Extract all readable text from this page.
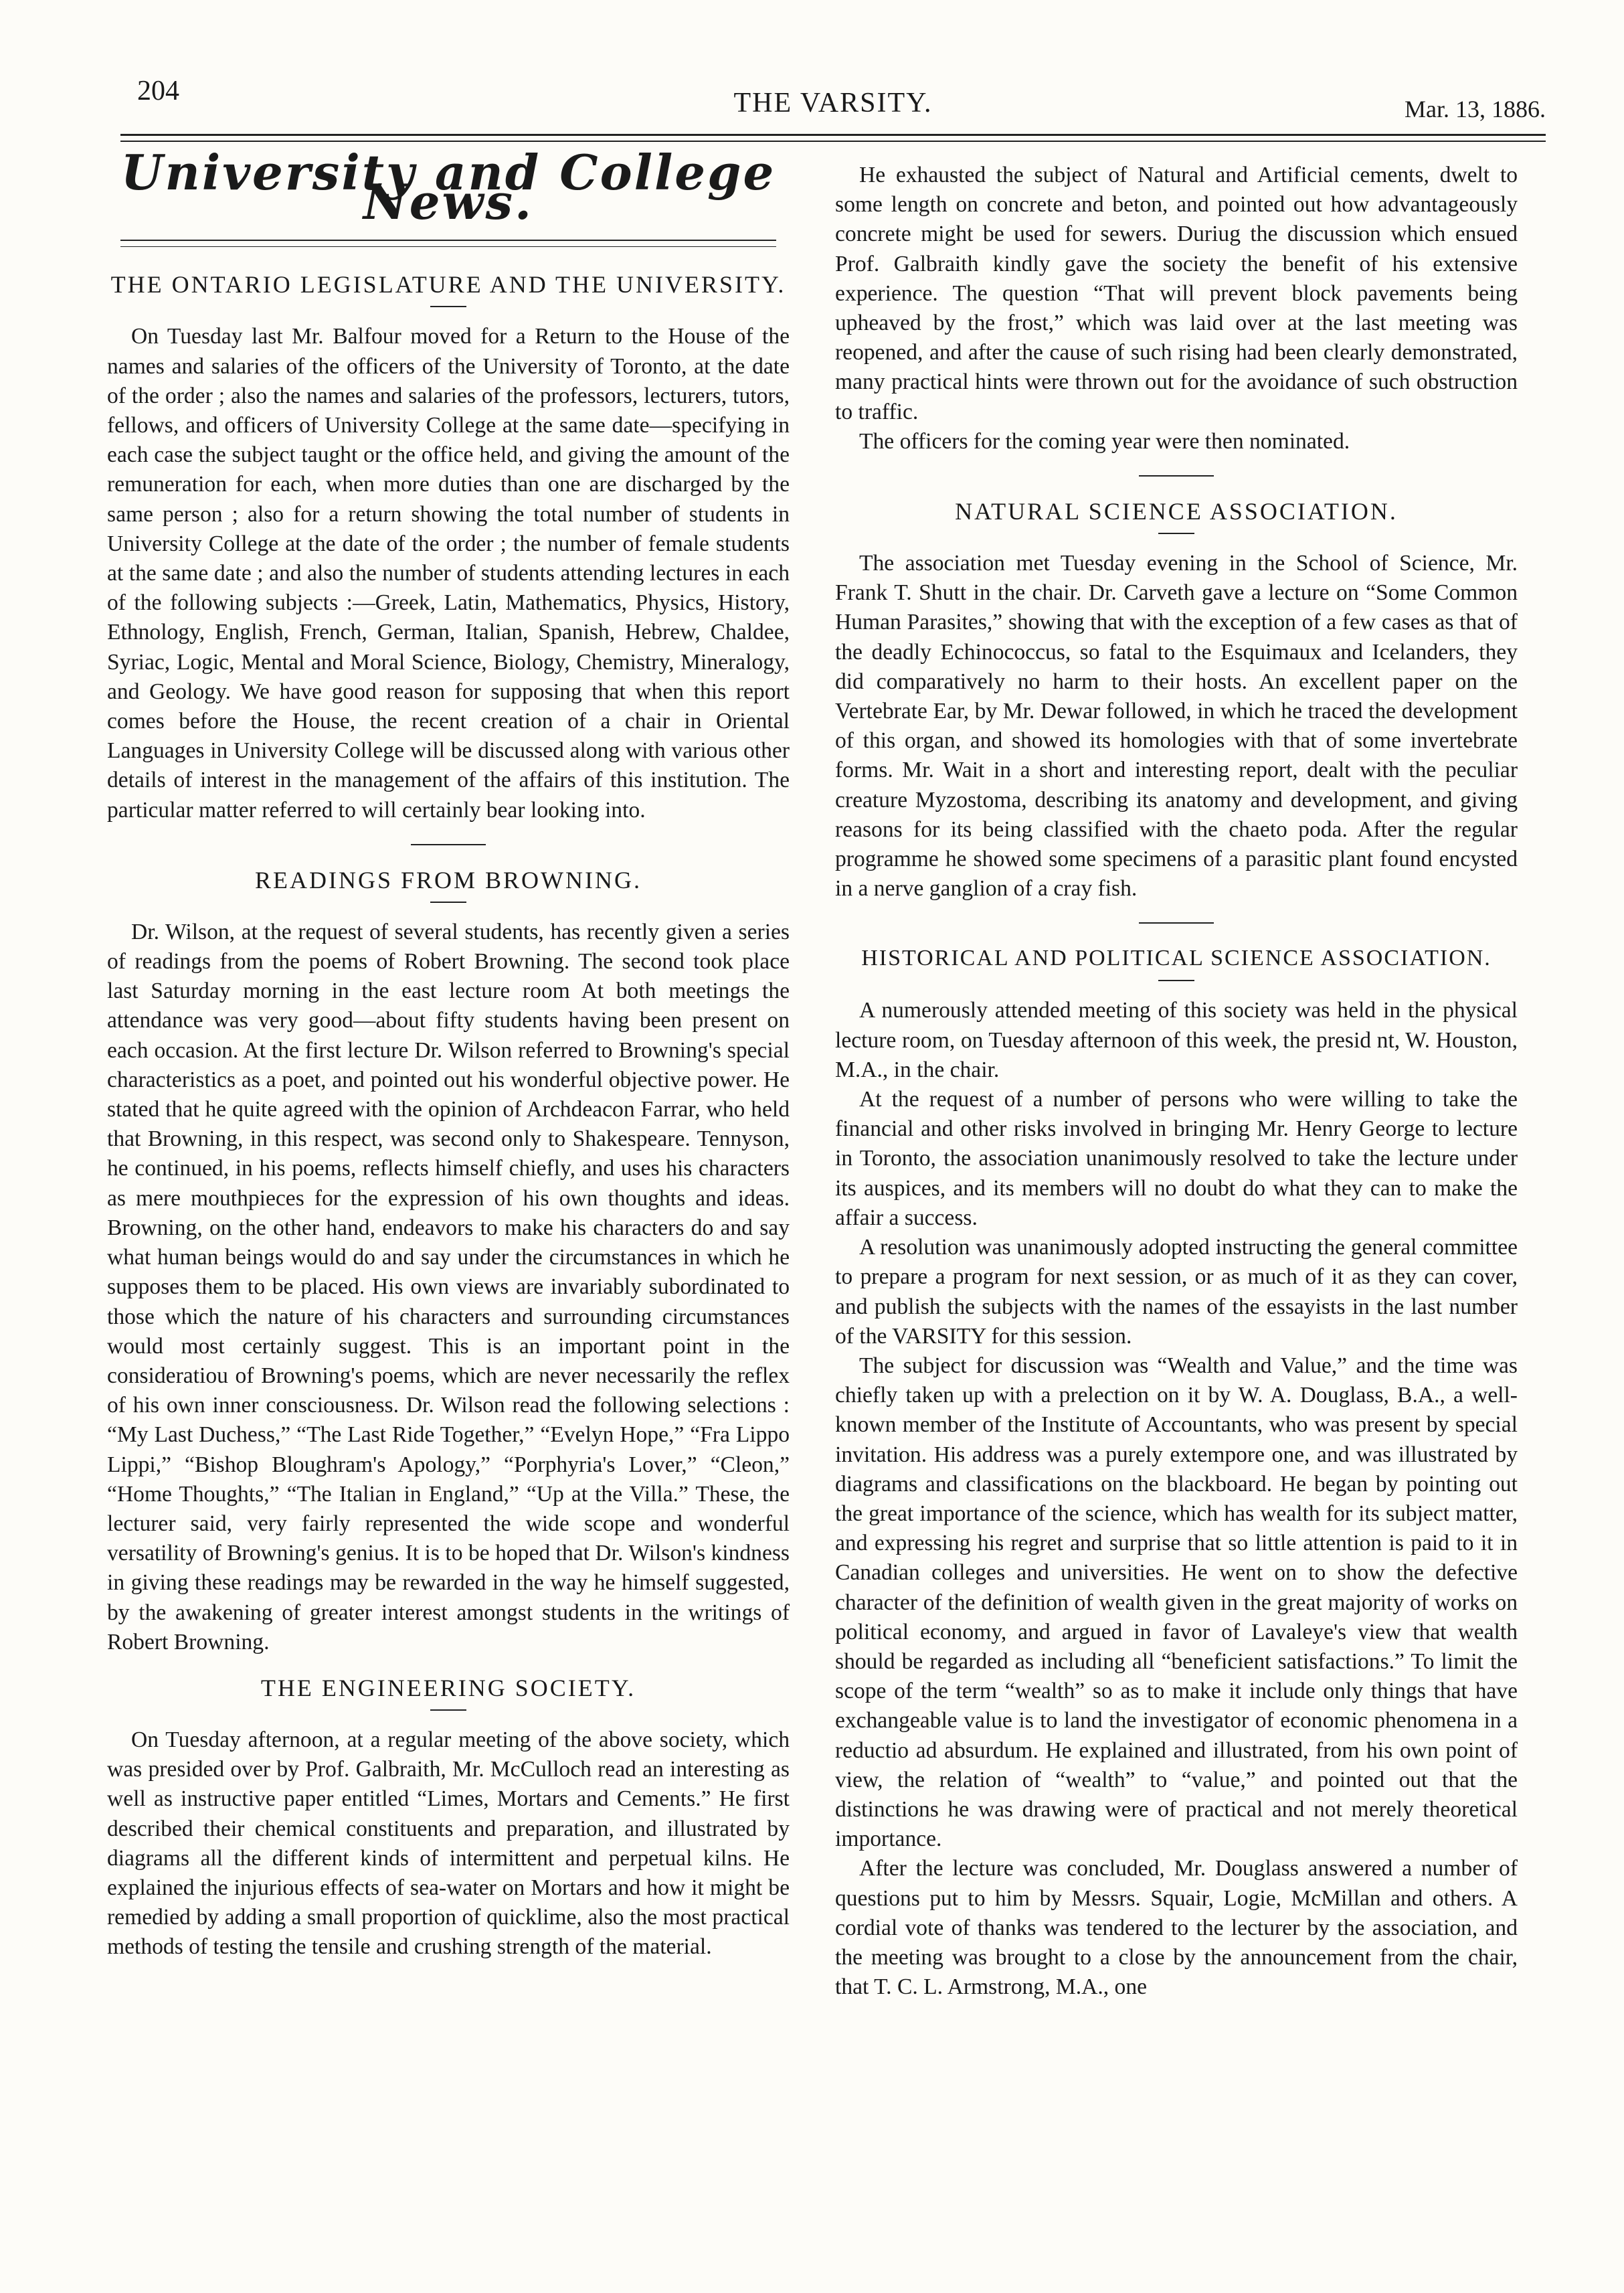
204	THE VARSITY.	Mar. 13, 1886.
University and College News.
THE ONTARIO LEGISLATURE AND THE UNIVERSITY.

On Tuesday last Mr. Balfour moved for a Return to the House of the names and salaries of the officers of the University of Toronto, at the date of the order ; also the names and salaries of the professors, lecturers, tutors, fellows, and officers of University College at the same date—specifying in each case the subject taught or the office held, and giving the amount of the remuneration for each, when more duties than one are discharged by the same person ; also for a return showing the total number of students in University College at the date of the order ; the number of female students at the same date ; and also the number of students attending lectures in each of the following subjects :—Greek, Latin, Mathematics, Physics, History, Ethnology, English, French, German, Italian, Spanish, Hebrew, Chaldee, Syriac, Logic, Mental and Moral Science, Biology, Chemistry, Mineralogy, and Geology. We have good reason for supposing that when this report comes before the House, the recent creation of a chair in Oriental Languages in University College will be discussed along with various other details of interest in the management of the affairs of this institution. The particular matter referred to will certainly bear looking into.

READINGS FROM BROWNING.

Dr. Wilson, at the request of several students, has recently given a series of readings from the poems of Robert Browning. The second took place last Saturday morning in the east lecture room At both meetings the attendance was very good—about fifty students having been present on each occasion. At the first lecture Dr. Wilson referred to Browning's special characteristics as a poet, and pointed out his wonderful objective power. He stated that he quite agreed with the opinion of Archdeacon Farrar, who held that Browning, in this respect, was second only to Shakespeare. Tennyson, he continued, in his poems, reflects himself chiefly, and uses his characters as mere mouthpieces for the expression of his own thoughts and ideas. Browning, on the other hand, endeavors to make his characters do and say what human beings would do and say under the circumstances in which he supposes them to be placed. His own views are invariably subordinated to those which the nature of his characters and surrounding circumstances would most certainly suggest. This is an important point in the consideratiou of Browning's poems, which are never necessarily the reflex of his own inner consciousness. Dr. Wilson read the following selections : “My Last Duchess,” “The Last Ride Together,” “Evelyn Hope,” “Fra Lippo Lippi,” “Bishop Bloughram's Apology,” “Porphyria's Lover,” “Cleon,” “Home Thoughts,” “The Italian in England,” “Up at the Villa.” These, the lecturer said, very fairly represented the wide scope and wonderful versatility of Browning's genius. It is to be hoped that Dr. Wilson's kindness in giving these readings may be rewarded in the way he himself suggested, by the awakening of greater interest amongst students in the writings of Robert Browning.

THE ENGINEERING SOCIETY.

On Tuesday afternoon, at a regular meeting of the above society, which was presided over by Prof. Galbraith, Mr. McCulloch read an interesting as well as instructive paper entitled “Limes, Mortars and Cements.” He first described their chemical constituents and preparation, and illustrated by diagrams all the different kinds of intermittent and perpetual kilns. He explained the injurious effects of sea-water on Mortars and how it might be remedied by adding a small proportion of quicklime, also the most practical methods of testing the tensile and crushing strength of the material.

He exhausted the subject of Natural and Artificial cements, dwelt to some length on concrete and beton, and pointed out how advantageously concrete might be used for sewers. Duriug the discussion which ensued Prof. Galbraith kindly gave the society the benefit of his extensive experience. The question “That will prevent block pavements being upheaved by the frost,” which was laid over at the last meeting was reopened, and after the cause of such rising had been clearly demonstrated, many practical hints were thrown out for the avoidance of such obstruction to traffic.

The officers for the coming year were then nominated.

NATURAL SCIENCE ASSOCIATION.

The association met Tuesday evening in the School of Science, Mr. Frank T. Shutt in the chair. Dr. Carveth gave a lecture on “Some Common Human Parasites,” showing that with the exception of a few cases as that of the deadly Echinococcus, so fatal to the Esquimaux and Icelanders, they did comparatively no harm to their hosts. An excellent paper on the Vertebrate Ear, by Mr. Dewar followed, in which he traced the development of this organ, and showed its homologies with that of some invertebrate forms. Mr. Wait in a short and interesting report, dealt with the peculiar creature Myzostoma, describing its anatomy and development, and giving reasons for its being classified with the chaeto poda. After the regular programme he showed some specimens of a parasitic plant found encysted in a nerve ganglion of a cray fish.

HISTORICAL AND POLITICAL SCIENCE ASSOCIATION.

A numerously attended meeting of this society was held in the physical lecture room, on Tuesday afternoon of this week, the presid nt, W. Houston, M.A., in the chair.

At the request of a number of persons who were willing to take the financial and other risks involved in bringing Mr. Henry George to lecture in Toronto, the association unanimously resolved to take the lecture under its auspices, and its members will no doubt do what they can to make the affair a success.

A resolution was unanimously adopted instructing the general committee to prepare a program for next session, or as much of it as they can cover, and publish the subjects with the names of the essayists in the last number of the VARSITY for this session.

The subject for discussion was “Wealth and Value,” and the time was chiefly taken up with a prelection on it by W. A. Douglass, B.A., a well-known member of the Institute of Accountants, who was present by special invitation. His address was a purely extempore one, and was illustrated by diagrams and classifications on the blackboard. He began by pointing out the great importance of the science, which has wealth for its subject matter, and expressing his regret and surprise that so little attention is paid to it in Canadian colleges and universities. He went on to show the defective character of the definition of wealth given in the great majority of works on political economy, and argued in favor of Lavaleye's view that wealth should be regarded as including all “beneficient satisfactions.” To limit the scope of the term “wealth” so as to make it include only things that have exchangeable value is to land the investigator of economic phenomena in a reductio ad absurdum. He explained and illustrated, from his own point of view, the relation of “wealth” to “value,” and pointed out that the distinctions he was drawing were of practical and not merely theoretical importance.

After the lecture was concluded, Mr. Douglass answered a number of questions put to him by Messrs. Squair, Logie, McMillan and others. A cordial vote of thanks was tendered to the lecturer by the association, and the meeting was brought to a close by the announcement from the chair, that T. C. L. Armstrong, M.A., one
